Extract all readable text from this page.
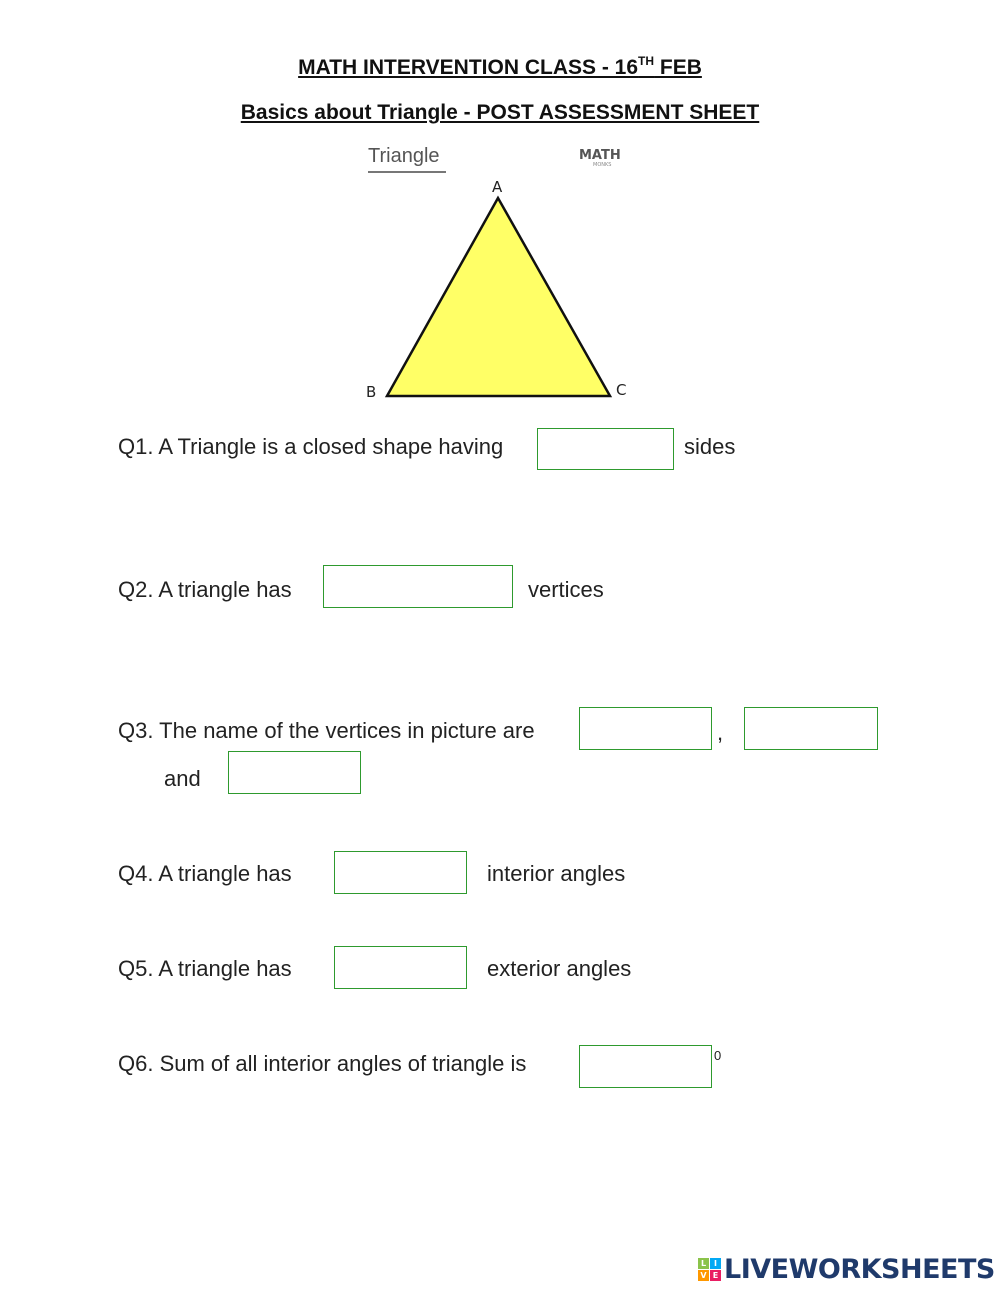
MATH INTERVENTION CLASS - 16TH FEB
Basics about Triangle - POST ASSESSMENT SHEET
Triangle	MATH
MONKS
A
B	C
Q1. A Triangle is a closed shape having	sides
Q2. A triangle has	vertices
Q3. The name of the vertices in picture are	,
and
Q4. A triangle has	interior angles
Q5. A triangle has	exterior angles
Q6. Sum of all interior angles of triangle is	0
L I
V E LIVEWORKSHEETS
